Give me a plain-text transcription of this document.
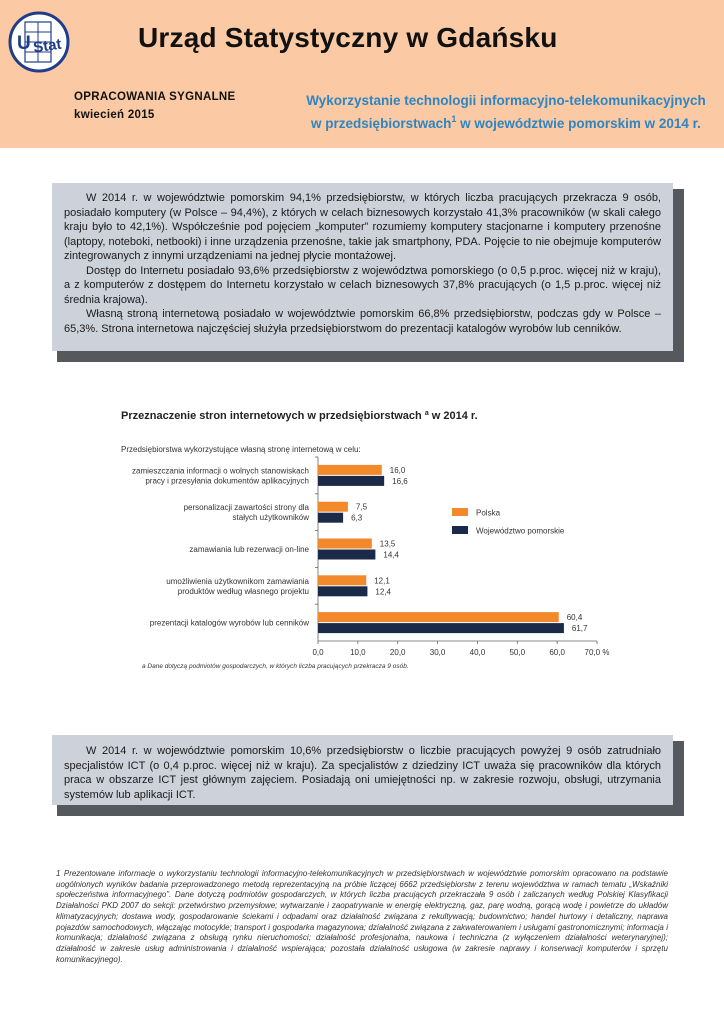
U Stat	Urząd Statystyczny w Gdańsku
OPRACOWANIA SYGNALNE
kwiecień 2015
Wykorzystanie technologii informacyjno-telekomunikacyjnych
w przedsiębiorstwach$^1$ w województwie pomorskim w 2014 r.

W 2014 r. w województwie pomorskim 94,1% przedsiębiorstw, w których liczba pracujących przekracza 9 osób, posiadało komputery (w Polsce – 94,4%), z których w celach biznesowych korzystało 41,3% pracowników (w skali całego kraju było to 42,1%). Współcześnie pod pojęciem „komputer” rozumiemy komputery stacjonarne i komputery przenośne (laptopy, noteboki, netbooki) i inne urządzenia przenośne, takie jak smartphony, PDA. Pojęcie to nie obejmuje komputerów zintegrowanych z innymi urządzeniami na jednej płycie montażowej.

Dostęp do Internetu posiadało 93,6% przedsiębiorstw z województwa pomorskiego (o 0,5 p.proc. więcej niż w kraju), a z komputerów z dostępem do Internetu korzystało w celach biznesowych 37,8% pracujących (o 1,5 p.proc. więcej niż średnia krajowa).

Własną stroną internetową posiadało w województwie pomorskim 66,8% przedsiębiorstw, podczas gdy w Polsce – 65,3%. Strona internetowa najczęściej służyła przedsiębiorstwom do prezentacji katalogów wyrobów lub cenników.

Przeznaczenie stron internetowych w przedsiębiorstwach $^a$ w 2014 r.
Przedsiębiorstwa wykorzystujące własną stronę internetową w celu:
0,0	10,0	20,0	30,0	40,0	50,0	60,0 70,0 %
zamieszczania informacji o wolnych stanowiskach
pracy i przesyłania dokumentów aplikacyjnych
16,0
16,6
personalizacji zawartości strony dla
stałych użytkowników
7,5
6,3
zamawiania lub rezerwacji on-line
13,5
14,4
umożliwienia użytkownikom zamawiania
produktów według własnego projektu
12,1
12,4
prezentacji katalogów wyrobów lub cenników
60,4
61,7
Polska
Województwo pomorskie
a Dane dotyczą podmiotów gospodarczych, w których liczba pracujących przekracza 9 osób.

W 2014 r. w województwie pomorskim 10,6% przedsiębiorstw o liczbie pracujących powyżej 9 osób zatrudniało specjalistów ICT (o 0,4 p.proc. więcej niż w kraju). Za specjalistów z dziedziny ICT uważa się pracowników dla których praca w obszarze ICT jest głównym zajęciem. Posiadają oni umiejętności np. w zakresie rozwoju, obsługi, utrzymania systemów lub aplikacji ICT.

1 Prezentowane informacje o wykorzystaniu technologii informacyjno-telekomunikacyjnych w przedsiębiorstwach w województwie pomorskim opracowano na podstawie uogólnionych wyników badania przeprowadzonego metodą reprezentacyjną na próbie liczącej 6662 przedsiębiorstw z terenu województwa w ramach tematu „Wskaźniki społeczeństwa informacyjnego”. Dane dotyczą podmiotów gospodarczych, w których liczba pracujących przekraczała 9 osób i zaliczanych według Polskiej Klasyfikacji Działalności PKD 2007 do sekcji: przetwórstwo przemysłowe; wytwarzanie i zaopatrywanie w energię elektryczną, gaz, parę wodną, gorącą wodę i powietrze do układów klimatyzacyjnych; dostawa wody, gospodarowanie ściekami i odpadami oraz działalność związana z rekultywacją; budownictwo; handel hurtowy i detaliczny, naprawa pojazdów samochodowych, włączając motocykle; transport i gospodarka magazynowa; działalność związana z zakwaterowaniem i usługami gastronomicznymi; informacja i komunikacja; działalność związana z obsługą rynku nieruchomości; działalność profesjonalna, naukowa i techniczna (z wyłączeniem działalności weterynaryjnej); działalność w zakresie usług administrowania i działalność wspierająca; pozostała działalność usługowa (w zakresie naprawy i konserwacji komputerów i sprzętu komunikacyjnego).
